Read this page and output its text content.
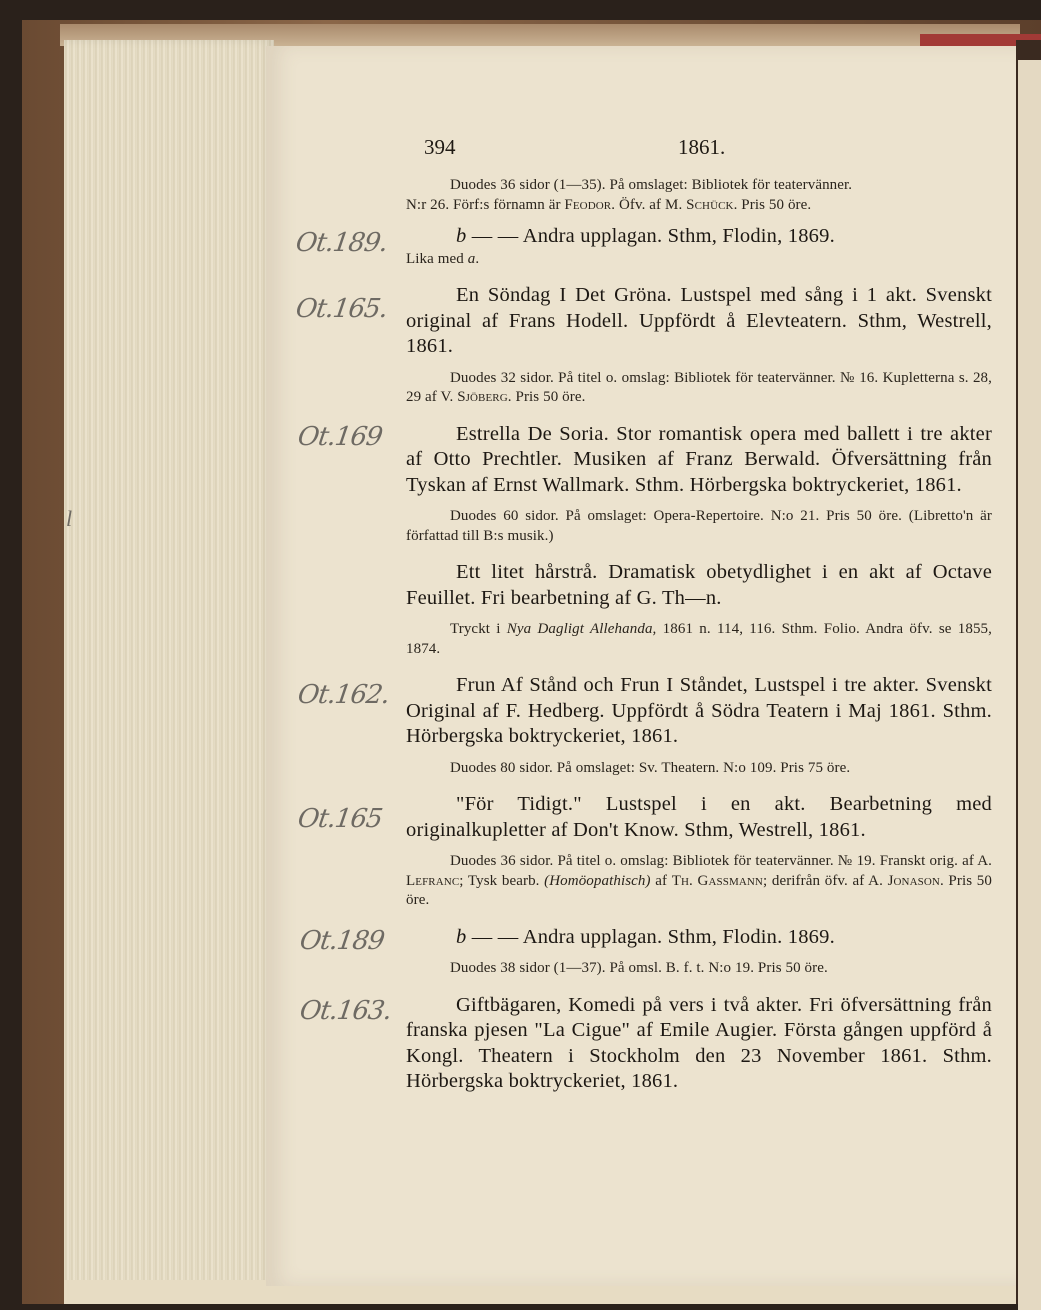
394	1861.
Ot.189.
Ot.165.
Ot.169
l
Ot.162.
Ot.165
Ot.189
Ot.163.

Duodes 36 sidor (1—35). På omslaget: Bibliotek för teatervänner.

N:r 26. Förf:s förnamn är Feodor. Öfv. af M. Schück. Pris 50 öre.

b — — Andra upplagan. Sthm, Flodin, 1869.

Lika med a.

En Söndag I Det Gröna. Lustspel med sång i 1 akt. Svenskt original af Frans Hodell. Uppfördt å Elevteatern. Sthm, Westrell, 1861.

Duodes 32 sidor. På titel o. omslag: Bibliotek för teatervänner. № 16. Kupletterna s. 28, 29 af V. Sjöberg. Pris 50 öre.

Estrella De Soria. Stor romantisk opera med ballett i tre akter af Otto Prechtler. Musiken af Franz Berwald. Öfversättning från Tyskan af Ernst Wallmark. Sthm. Hörbergska boktryckeriet, 1861.

Duodes 60 sidor. På omslaget: Opera-Repertoire. N:o 21. Pris 50 öre. (Libretto'n är författad till B:s musik.)

Ett litet hårstrå. Dramatisk obetydlighet i en akt af Octave Feuillet. Fri bearbetning af G. Th—n.

Tryckt i Nya Dagligt Allehanda, 1861 n. 114, 116. Sthm. Folio. Andra öfv. se 1855, 1874.

Frun Af Stånd och Frun I Ståndet, Lustspel i tre akter. Svenskt Original af F. Hedberg. Uppfördt å Södra Teatern i Maj 1861. Sthm. Hörbergska boktryckeriet, 1861.

Duodes 80 sidor. På omslaget: Sv. Theatern. N:o 109. Pris 75 öre.

"För Tidigt." Lustspel i en akt. Bearbetning med originalkupletter af Don't Know. Sthm, Westrell, 1861.

Duodes 36 sidor. På titel o. omslag: Bibliotek för teatervänner. № 19. Franskt orig. af A. Lefranc; Tysk bearb. (Homöopathisch) af Th. Gassmann; derifrån öfv. af A. Jonason. Pris 50 öre.

b — — Andra upplagan. Sthm, Flodin. 1869.

Duodes 38 sidor (1—37). På omsl. B. f. t. N:o 19. Pris 50 öre.

Giftbägaren, Komedi på vers i två akter. Fri öfversättning från franska pjesen "La Cigue" af Emile Augier. Första gången uppförd å Kongl. Theatern i Stockholm den 23 November 1861. Sthm. Hörbergska boktryckeriet, 1861.
